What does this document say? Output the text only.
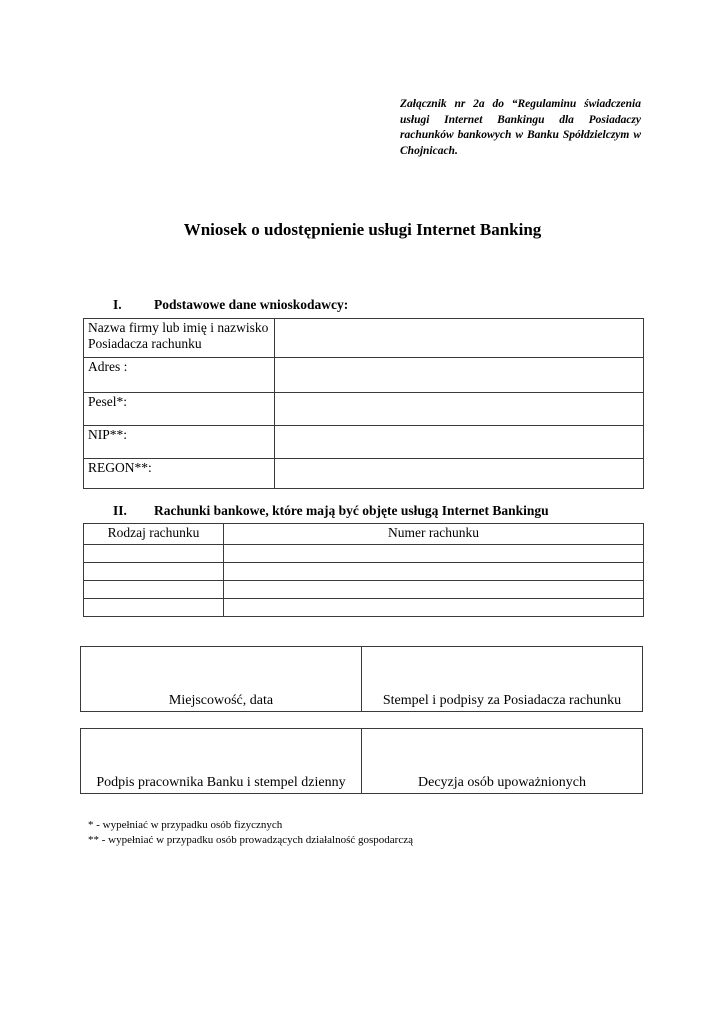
Załącznik nr 2a do “Regulaminu świadczenia usługi Internet Bankingu dla Posiadaczy rachunków bankowych w Banku Spółdzielczym w Chojnicach.
Wniosek o udostępnienie usługi Internet Banking
I. Podstawowe dane wnioskodawcy:
Nazwa firmy lub imię i nazwisko Posiadacza rachunku	
Adres :	
Pesel*:	
NIP**:	
REGON**:	
II. Rachunki bankowe, które mają być objęte usługą Internet Bankingu
Rodzaj rachunku	Numer rachunku

Miejscowość, data	Stempel i podpisy za Posiadacza rachunku
Podpis pracownika Banku i stempel dzienny	Decyzja osób upoważnionych
* - wypełniać w przypadku osób fizycznych
** - wypełniać w przypadku osób prowadzących działalność gospodarczą
